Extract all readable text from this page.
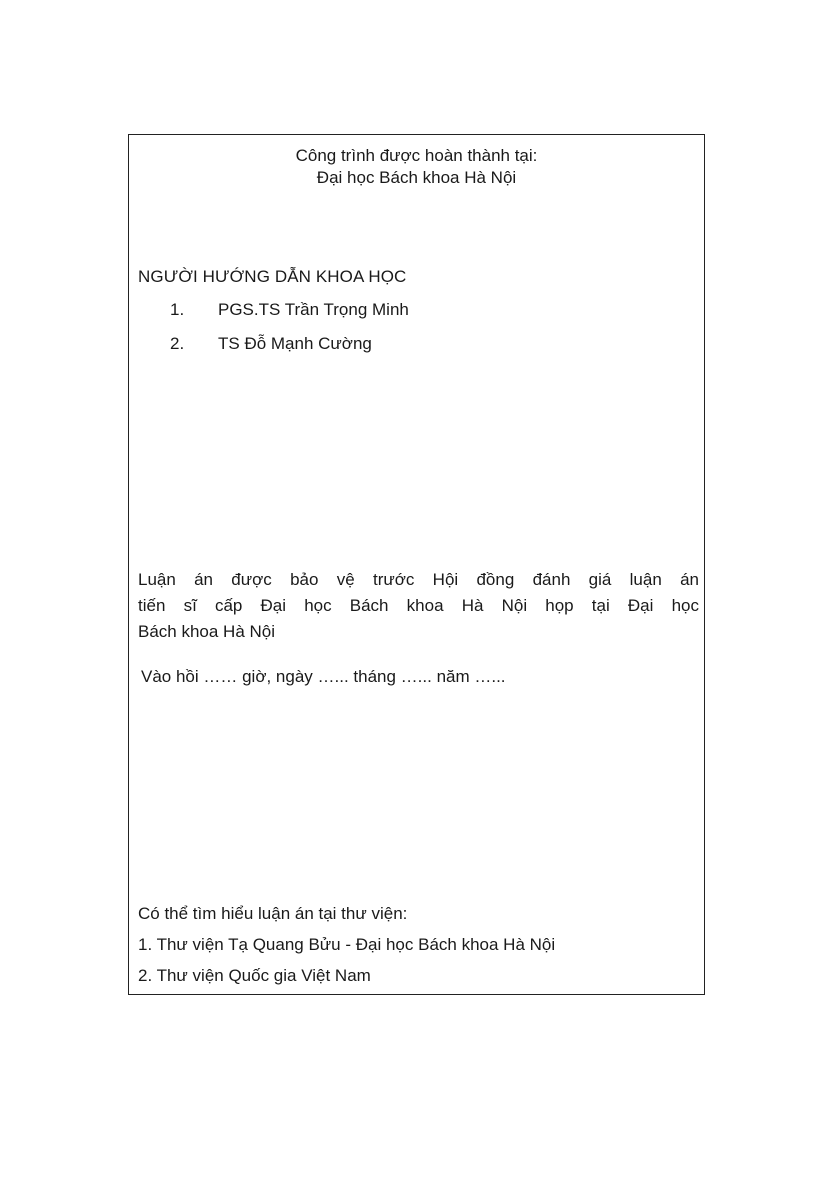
Công trình được hoàn thành tại:
Đại học Bách khoa Hà Nội
NGƯỜI HƯỚNG DẪN KHOA HỌC
1.	PGS.TS Trần Trọng Minh
2.	TS Đỗ Mạnh Cường
Luận án được bảo vệ trước Hội đồng đánh giá luận án
tiến sĩ cấp Đại học Bách khoa Hà Nội họp tại Đại học
Bách khoa Hà Nội
Vào hồi …… giờ, ngày …... tháng …... năm …...
Có thể tìm hiểu luận án tại thư viện:
1. Thư viện Tạ Quang Bửu - Đại học Bách khoa Hà Nội
2. Thư viện Quốc gia Việt Nam
